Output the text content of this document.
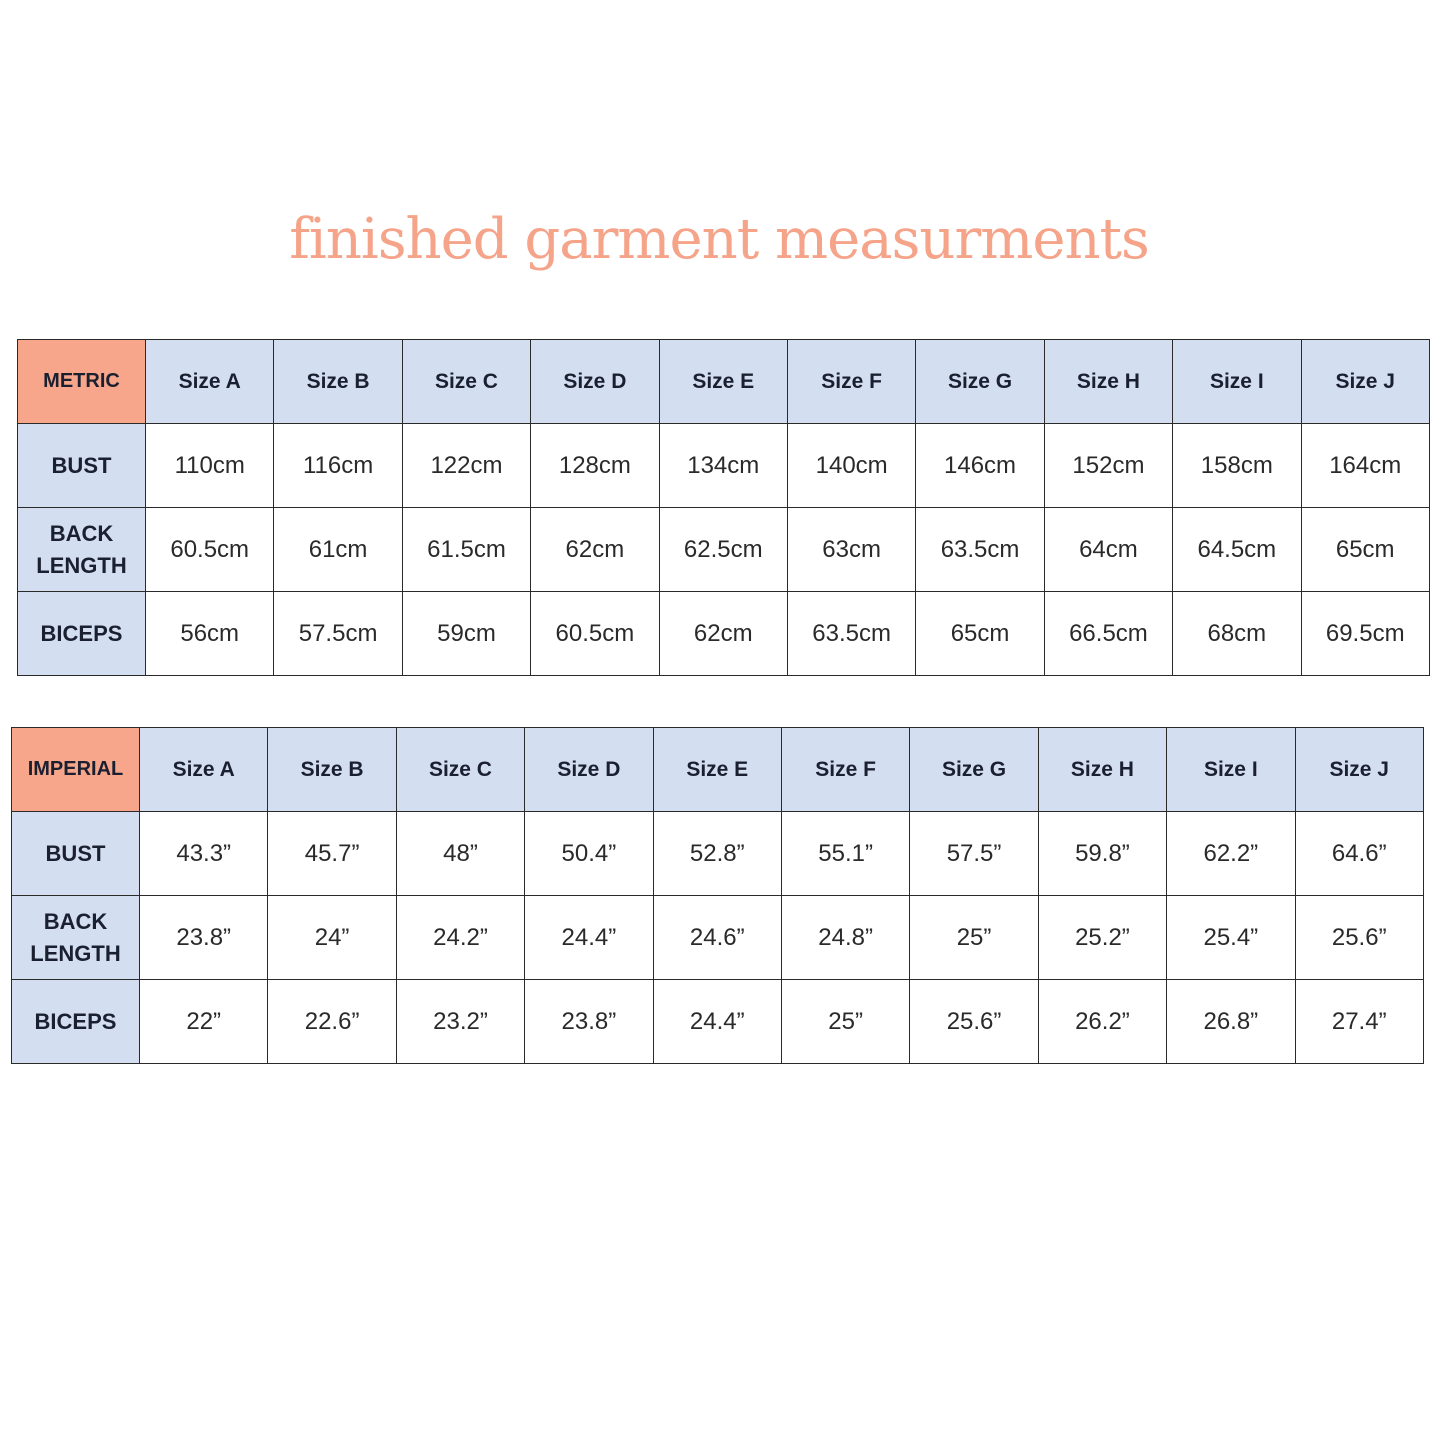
finished garment measurments
METRIC	Size A	Size B	Size C	Size D	Size E	Size F	Size G	Size H	Size I	Size J

BUST	110cm	116cm	122cm	128cm	134cm	140cm	146cm	152cm	158cm	164cm

BACK
LENGTH	60.5cm	61cm	61.5cm	62cm	62.5cm	63cm	63.5cm	64cm	64.5cm	65cm

BICEPS	56cm	57.5cm	59cm	60.5cm	62cm	63.5cm	65cm	66.5cm	68cm	69.5cm
IMPERIAL	Size A	Size B	Size C	Size D	Size E	Size F	Size G	Size H	Size I	Size J

BUST	43.3”	45.7”	48”	50.4”	52.8”	55.1”	57.5”	59.8”	62.2”	64.6”

BACK
LENGTH	23.8”	24”	24.2”	24.4”	24.6”	24.8”	25”	25.2”	25.4”	25.6”

BICEPS	22”	22.6”	23.2”	23.8”	24.4”	25”	25.6”	26.2”	26.8”	27.4”
